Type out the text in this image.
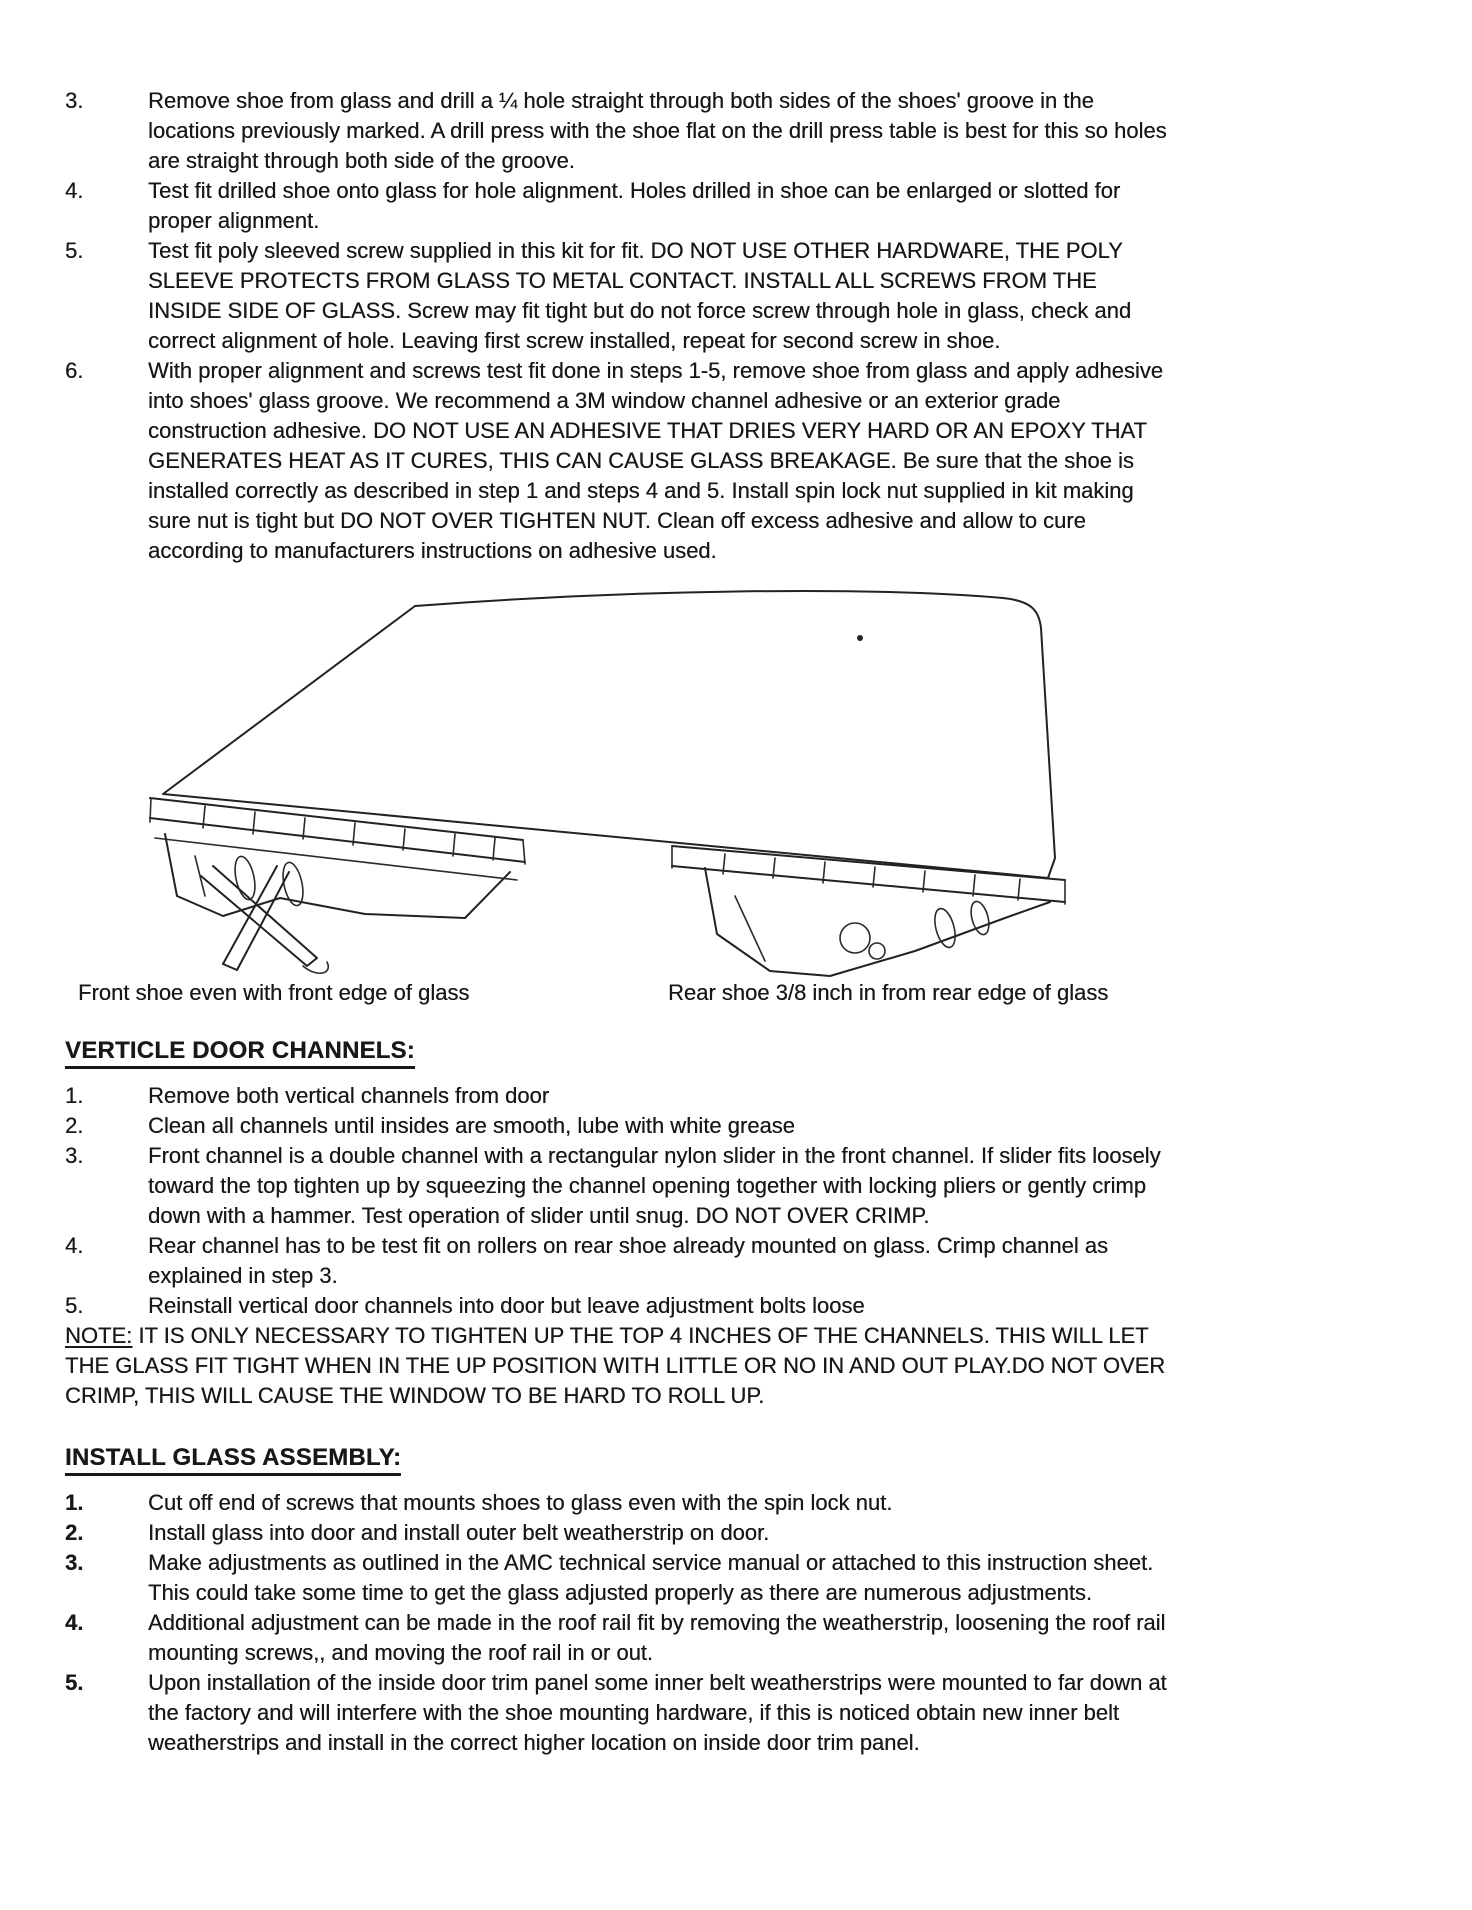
3.	Remove shoe from glass and drill a ¼ hole straight through both sides of the shoes' groove in the locations previously marked. A drill press with the shoe flat on the drill press table is best for this so holes are straight through both side of the groove.
4.	Test fit drilled shoe onto glass for hole alignment. Holes drilled in shoe can be enlarged or slotted for proper alignment.
5.	Test fit poly sleeved screw supplied in this kit for fit. DO NOT USE OTHER HARDWARE, THE POLY SLEEVE PROTECTS FROM GLASS TO METAL CONTACT. INSTALL ALL SCREWS FROM THE INSIDE SIDE OF GLASS. Screw may fit tight but do not force screw through hole in glass, check and correct alignment of hole. Leaving first screw installed, repeat for second screw in shoe.
6.	With proper alignment and screws test fit done in steps 1-5, remove shoe from glass and apply adhesive into shoes' glass groove. We recommend a 3M window channel adhesive or an exterior grade construction adhesive. DO NOT USE AN ADHESIVE THAT DRIES VERY HARD OR AN EPOXY THAT GENERATES HEAT AS IT CURES, THIS CAN CAUSE GLASS BREAKAGE. Be sure that the shoe is installed correctly as described in step 1 and steps 4 and 5. Install spin lock nut supplied in kit making sure nut is tight but DO NOT OVER TIGHTEN NUT. Clean off excess adhesive and allow to cure according to manufacturers instructions on adhesive used.
Front shoe even with front edge of glass	Rear shoe 3/8 inch in from rear edge of glass
VERTICLE DOOR CHANNELS:
1.	Remove both vertical channels from door
2.	Clean all channels until insides are smooth, lube with white grease
3.	Front channel is a double channel with a rectangular nylon slider in the front channel. If slider fits loosely toward the top tighten up by squeezing the channel opening together with locking pliers or gently crimp down with a hammer. Test operation of slider until snug. DO NOT OVER CRIMP.
4.	Rear channel has to be test fit on rollers on rear shoe already mounted on glass. Crimp channel as explained in step 3.
5.	Reinstall vertical door channels into door but leave adjustment bolts loose
NOTE: IT IS ONLY NECESSARY TO TIGHTEN UP THE TOP 4 INCHES OF THE CHANNELS. THIS WILL LET THE GLASS FIT TIGHT WHEN IN THE UP POSITION WITH LITTLE OR NO IN AND OUT PLAY.DO NOT OVER CRIMP, THIS WILL CAUSE THE WINDOW TO BE HARD TO ROLL UP.
INSTALL GLASS ASSEMBLY:
1.	Cut off end of screws that mounts shoes to glass even with the spin lock nut.
2.	Install glass into door and install outer belt weatherstrip on door.
3.	Make adjustments as outlined in the AMC technical service manual or attached to this instruction sheet. This could take some time to get the glass adjusted properly as there are numerous adjustments.
4.	Additional adjustment can be made in the roof rail fit by removing the weatherstrip, loosening the roof rail mounting screws,, and moving the roof rail in or out.
5.	Upon installation of the inside door trim panel some inner belt weatherstrips were mounted to far down at the factory and will interfere with the shoe mounting hardware, if this is noticed obtain new inner belt weatherstrips and install in the correct higher location on inside door trim panel.
